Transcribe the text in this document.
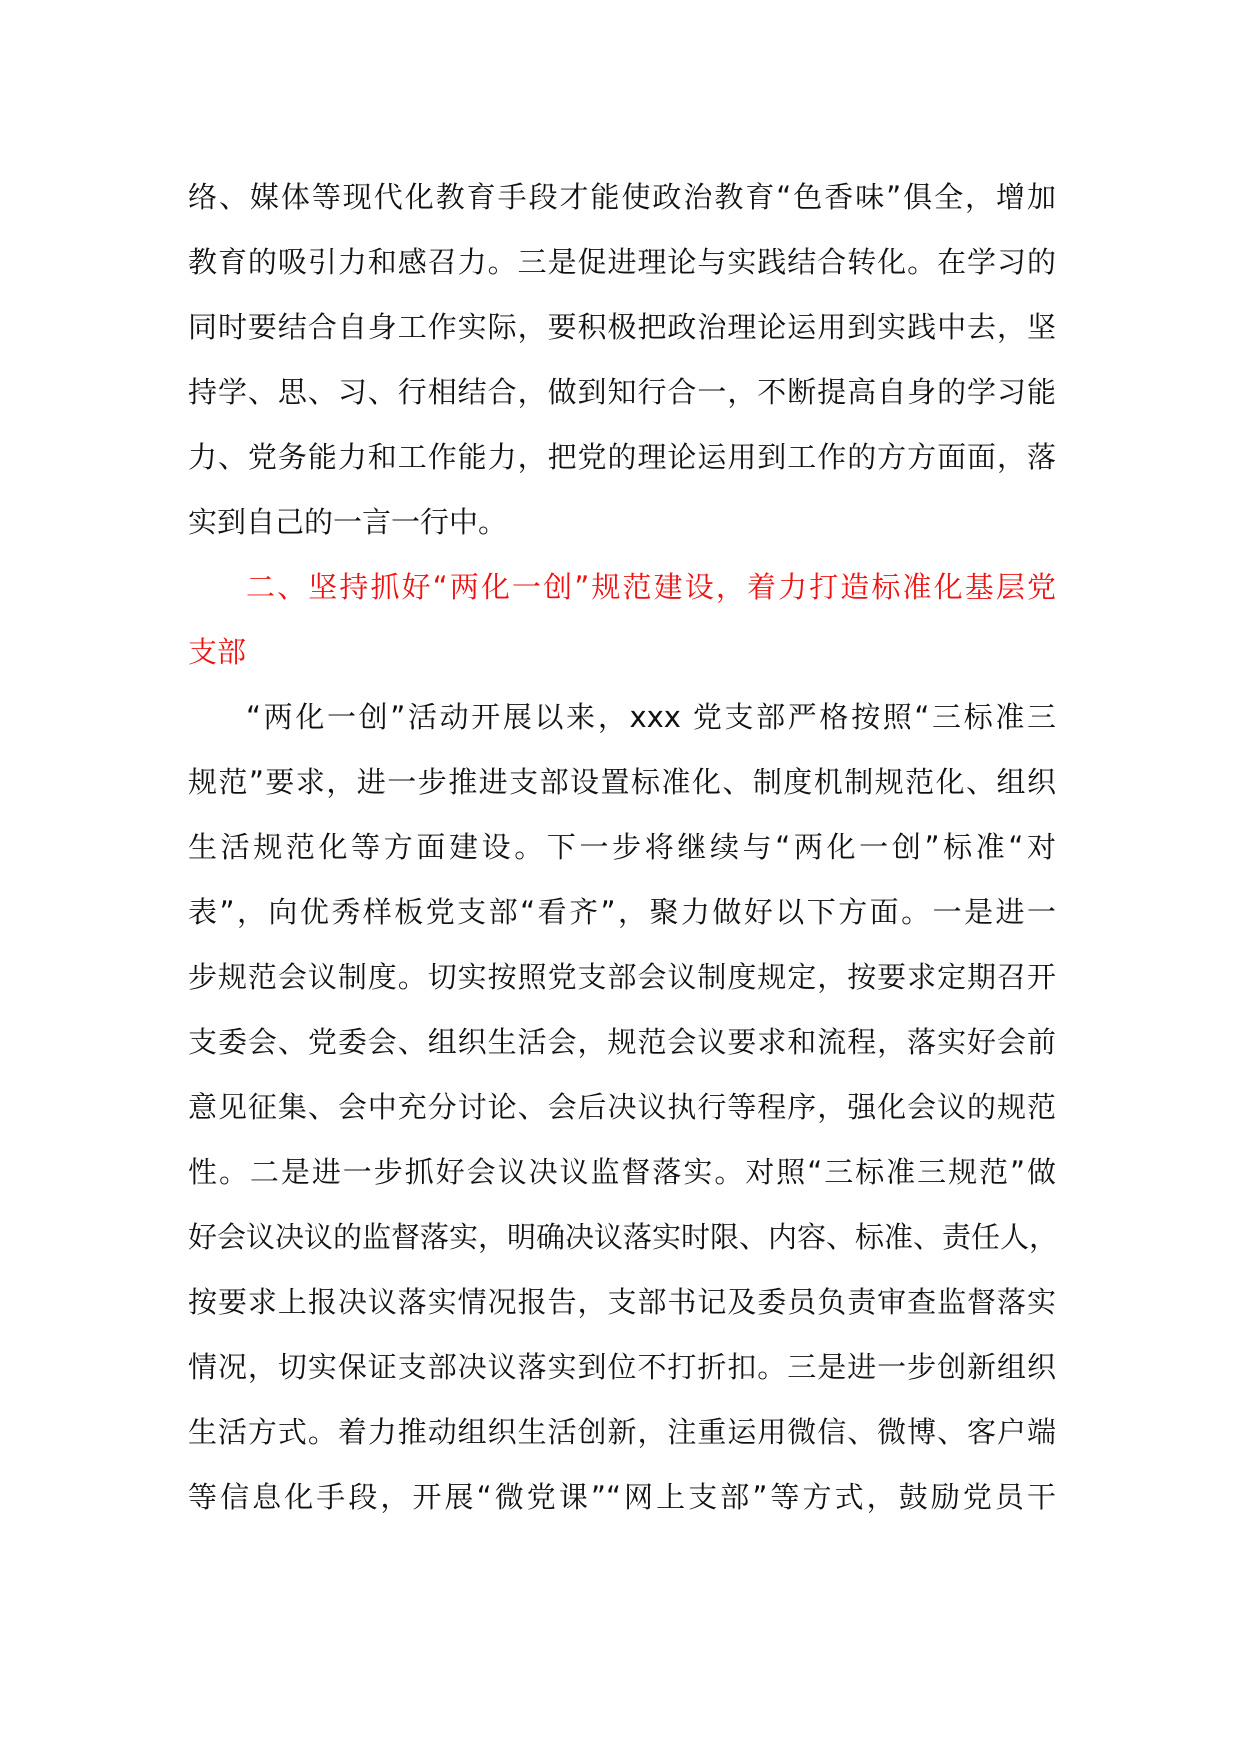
络、媒体等现代化教育手段才能使政治教育“色香味”俱全，增加
教育的吸引力和感召力。三是促进理论与实践结合转化。在学习的
同时要结合自身工作实际，要积极把政治理论运用到实践中去，坚
持学、思、习、行相结合，做到知行合一，不断提高自身的学习能
力、党务能力和工作能力，把党的理论运用到工作的方方面面，落
实到自己的一言一行中。
二、坚持抓好“两化一创”规范建设，着力打造标准化基层党
支部
“两化一创”活动开展以来，xxx 党支部严格按照“三标准三
规范”要求，进一步推进支部设置标准化、制度机制规范化、组织
生活规范化等方面建设。下一步将继续与“两化一创”标准“对
表”，向优秀样板党支部“看齐”，聚力做好以下方面。一是进一
步规范会议制度。切实按照党支部会议制度规定，按要求定期召开
支委会、党委会、组织生活会，规范会议要求和流程，落实好会前
意见征集、会中充分讨论、会后决议执行等程序，强化会议的规范
性。二是进一步抓好会议决议监督落实。对照“三标准三规范”做
好会议决议的监督落实，明确决议落实时限、内容、标准、责任人，
按要求上报决议落实情况报告，支部书记及委员负责审查监督落实
情况，切实保证支部决议落实到位不打折扣。三是进一步创新组织
生活方式。着力推动组织生活创新，注重运用微信、微博、客户端
等信息化手段，开展“微党课”“网上支部”等方式，鼓励党员干
